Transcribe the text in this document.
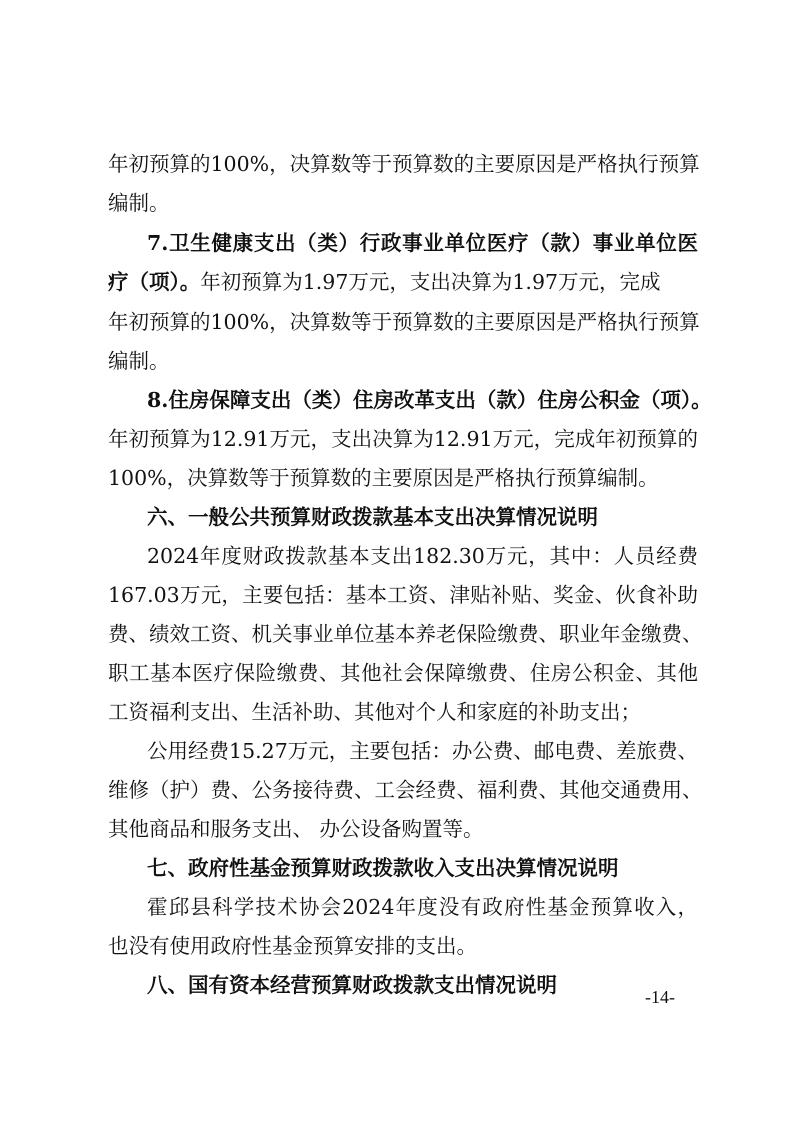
年初预算的100%，决算数等于预算数的主要原因是严格执行预算
编制。
7.卫生健康支出（类）行政事业单位医疗（款）事业单位医
疗（项）。年初预算为1.97万元，支出决算为1.97万元，完成
年初预算的100%，决算数等于预算数的主要原因是严格执行预算
编制。
8.住房保障支出（类）住房改革支出（款）住房公积金（项）。
年初预算为12.91万元，支出决算为12.91万元，完成年初预算的
100%，决算数等于预算数的主要原因是严格执行预算编制。
六、一般公共预算财政拨款基本支出决算情况说明
2024年度财政拨款基本支出182.30万元，其中：人员经费
167.03万元，主要包括：基本工资、津贴补贴、奖金、伙食补助
费、绩效工资、机关事业单位基本养老保险缴费、职业年金缴费、
职工基本医疗保险缴费、其他社会保障缴费、住房公积金、其他
工资福利支出、生活补助、其他对个人和家庭的补助支出；
公用经费15.27万元，主要包括：办公费、邮电费、差旅费、
维修（护）费、公务接待费、工会经费、福利费、其他交通费用、
其他商品和服务支出、 办公设备购置等。
七、政府性基金预算财政拨款收入支出决算情况说明
霍邱县科学技术协会2024年度没有政府性基金预算收入，
也没有使用政府性基金预算安排的支出。
八、国有资本经营预算财政拨款支出情况说明	-14-
